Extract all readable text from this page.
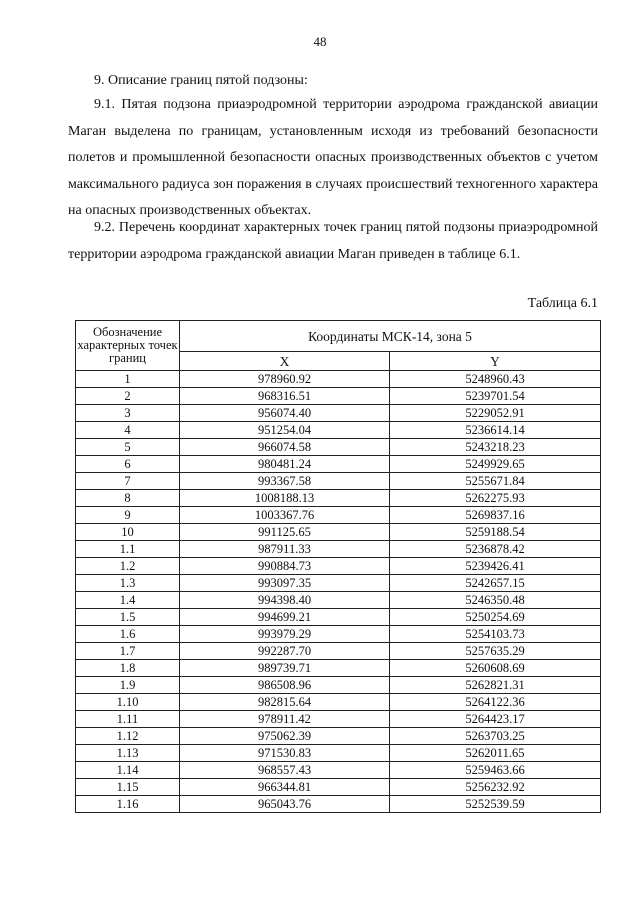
48
9. Описание границ пятой подзоны:

9.1. Пятая подзона приаэродромной территории аэродрома гражданской авиации Маган выделена по границам, установленным исходя из требований безопасности полетов и промышленной безопасности опасных производственных объектов с учетом максимального радиуса зон поражения в случаях происшествий техногенного характера на опасных производственных объектах.

9.2. Перечень координат характерных точек границ пятой подзоны приаэродромной территории аэродрома гражданской авиации Маган приведен в таблице 6.1.

Таблица 6.1
Обозначение характерных точек границ	Координаты МСК-14, зона 5	
	X	Y
1	978960.92	5248960.43
2	968316.51	5239701.54
3	956074.40	5229052.91
4	951254.04	5236614.14
5	966074.58	5243218.23
6	980481.24	5249929.65
7	993367.58	5255671.84
8	1008188.13	5262275.93
9	1003367.76	5269837.16
10	991125.65	5259188.54
1.1	987911.33	5236878.42
1.2	990884.73	5239426.41
1.3	993097.35	5242657.15
1.4	994398.40	5246350.48
1.5	994699.21	5250254.69
1.6	993979.29	5254103.73
1.7	992287.70	5257635.29
1.8	989739.71	5260608.69
1.9	986508.96	5262821.31
1.10	982815.64	5264122.36
1.11	978911.42	5264423.17
1.12	975062.39	5263703.25
1.13	971530.83	5262011.65
1.14	968557.43	5259463.66
1.15	966344.81	5256232.92
1.16	965043.76	5252539.59
